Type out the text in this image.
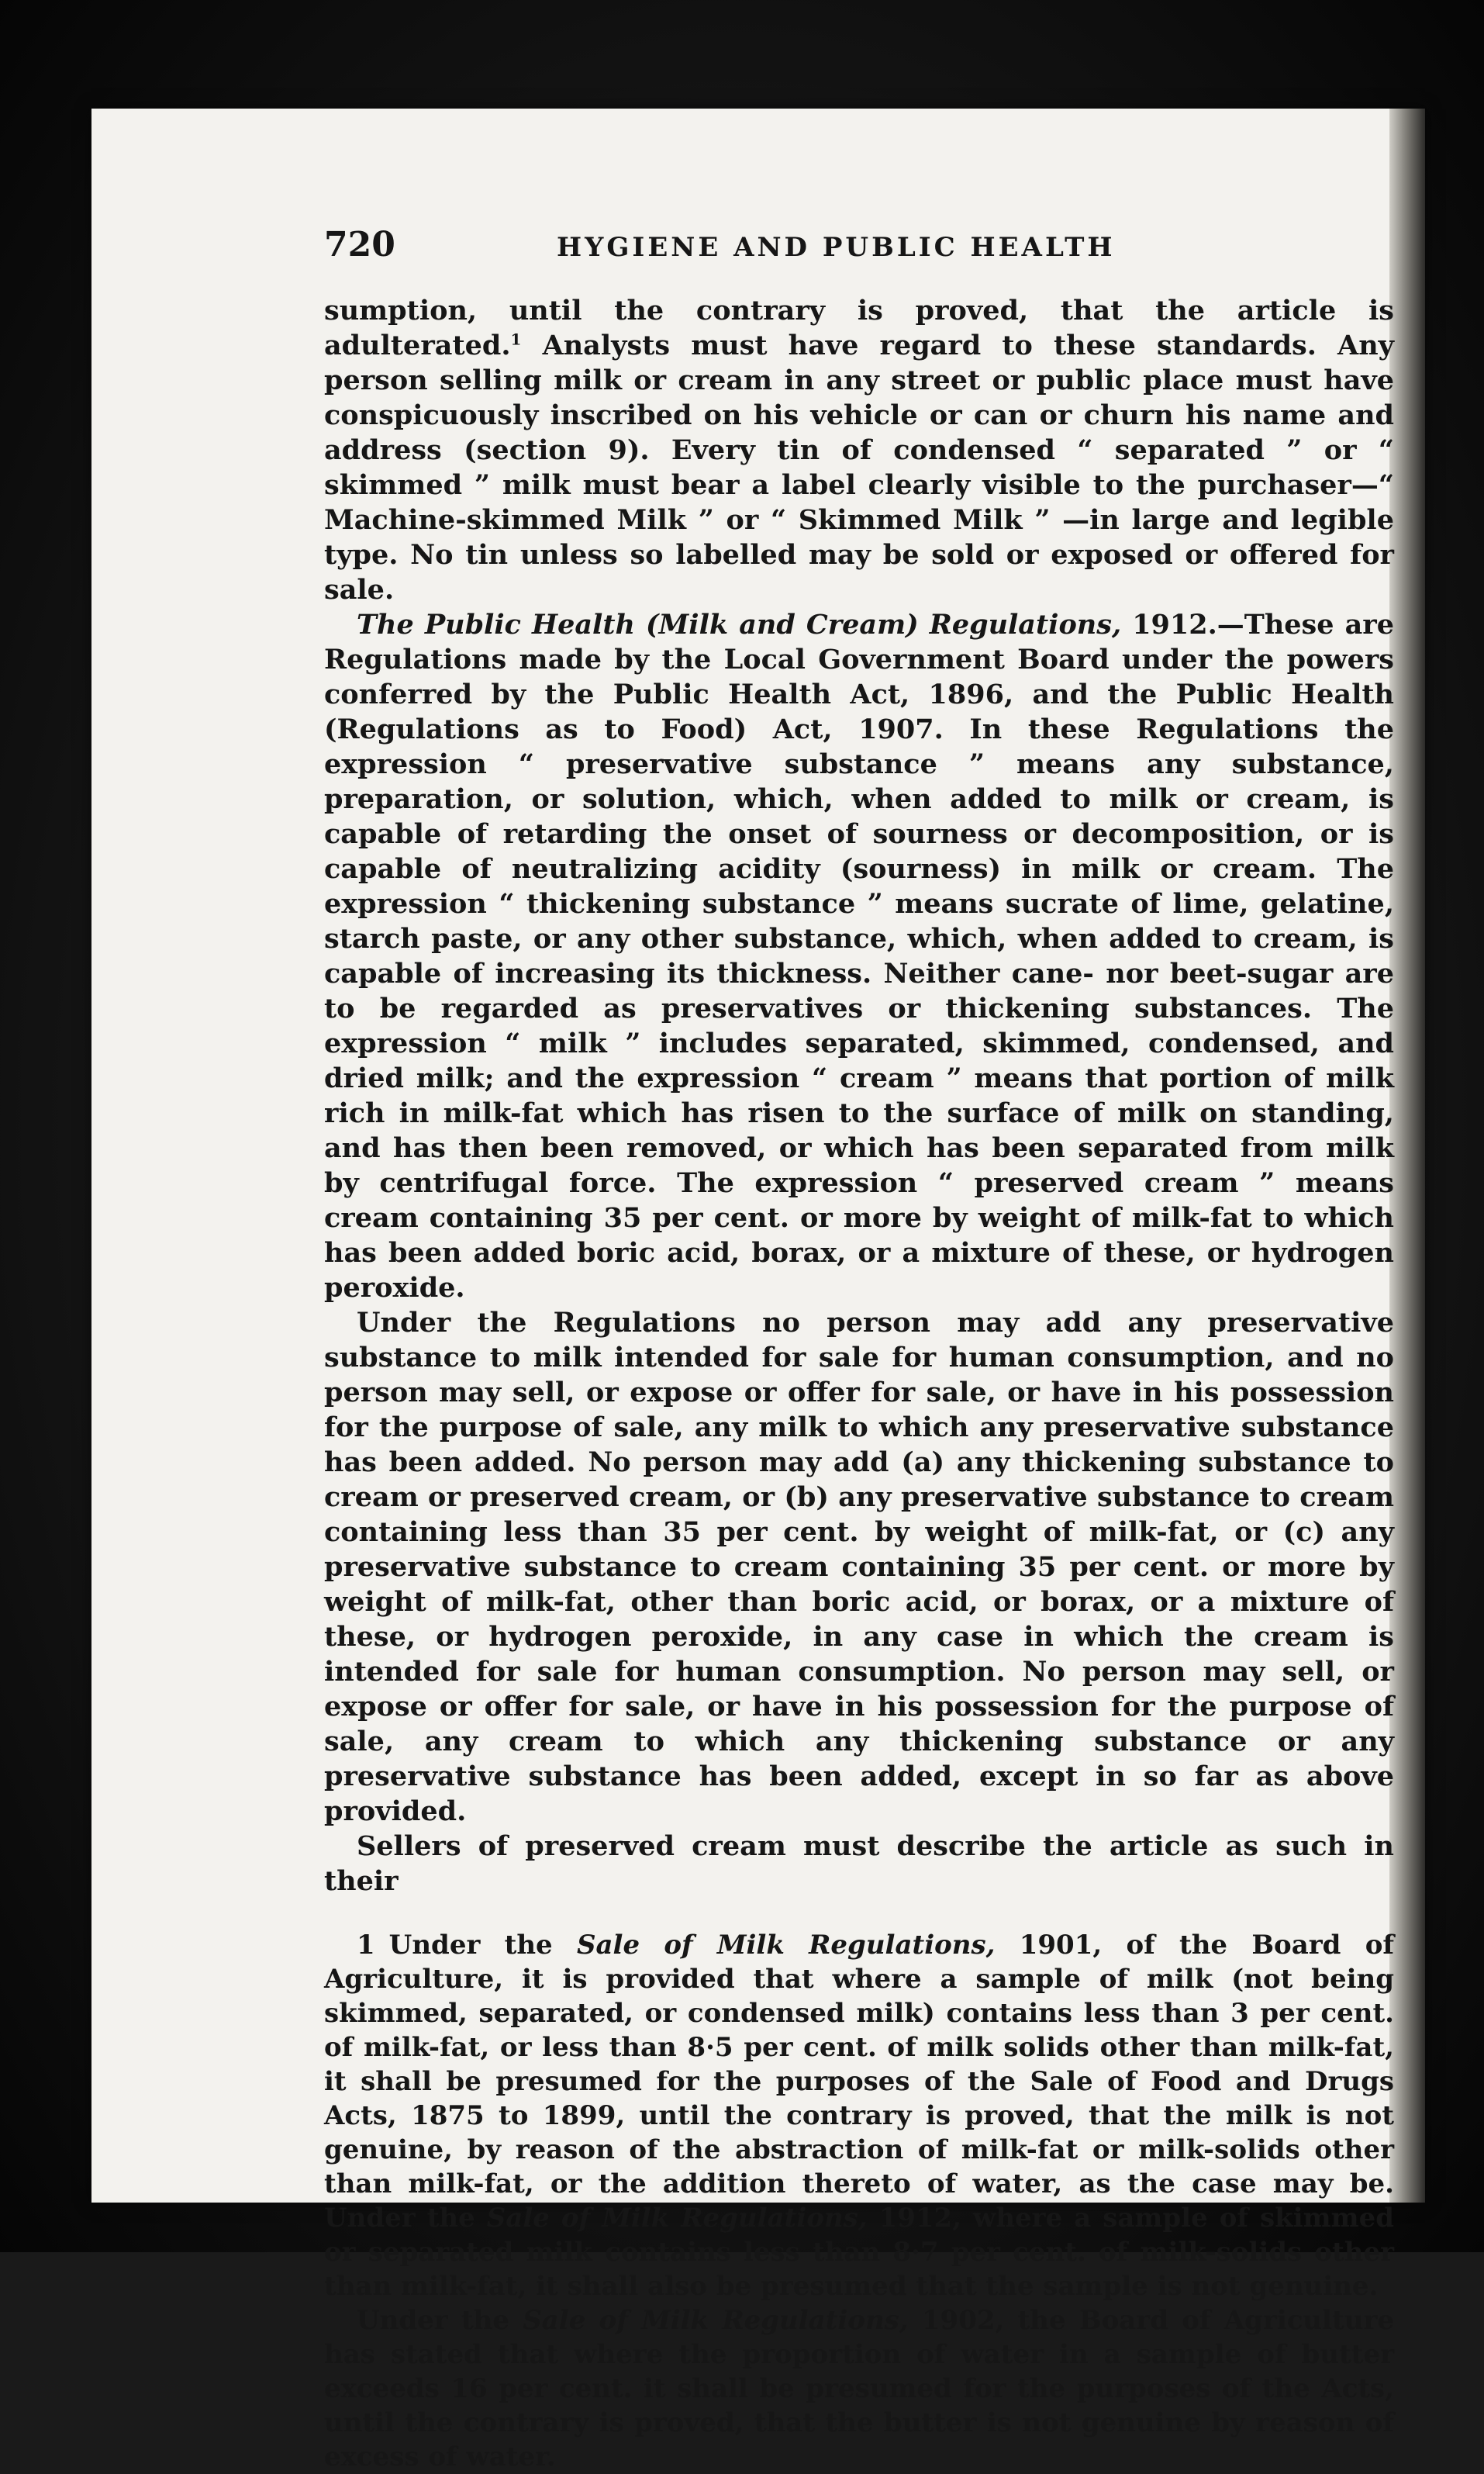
720	HYGIENE AND PUBLIC HEALTH

sumption, until the contrary is proved, that the article is adulterated.$^1$ Analysts must have regard to these standards. Any person selling milk or cream in any street or public place must have conspicuously inscribed on his vehicle or can or churn his name and address (section 9). Every tin of condensed “ separated ” or “ skimmed ” milk must bear a label clearly visible to the purchaser—“ Machine-skimmed Milk ” or “ Skimmed Milk ” —in large and legible type. No tin unless so labelled may be sold or exposed or offered for sale.

The Public Health (Milk and Cream) Regulations, 1912.—These are Regulations made by the Local Government Board under the powers conferred by the Public Health Act, 1896, and the Public Health (Regulations as to Food) Act, 1907. In these Regulations the expression “ preservative substance ” means any substance, preparation, or solution, which, when added to milk or cream, is capable of retarding the onset of sourness or decomposition, or is capable of neutralizing acidity (sourness) in milk or cream. The expression “ thickening substance ” means sucrate of lime, gelatine, starch paste, or any other substance, which, when added to cream, is capable of increasing its thickness. Neither cane- nor beet-sugar are to be regarded as preservatives or thickening substances. The expression “ milk ” includes separated, skimmed, condensed, and dried milk; and the expression “ cream ” means that portion of milk rich in milk-fat which has risen to the surface of milk on standing, and has then been removed, or which has been separated from milk by centrifugal force. The expression “ preserved cream ” means cream containing 35 per cent. or more by weight of milk-fat to which has been added boric acid, borax, or a mixture of these, or hydrogen peroxide.

Under the Regulations no person may add any preservative substance to milk intended for sale for human consumption, and no person may sell, or expose or offer for sale, or have in his possession for the purpose of sale, any milk to which any preservative substance has been added. No person may add (a) any thickening substance to cream or preserved cream, or (b) any preservative substance to cream containing less than 35 per cent. by weight of milk-fat, or (c) any preservative substance to cream containing 35 per cent. or more by weight of milk-fat, other than boric acid, or borax, or a mixture of these, or hydrogen peroxide, in any case in which the cream is intended for sale for human consumption. No person may sell, or expose or offer for sale, or have in his possession for the purpose of sale, any cream to which any thickening substance or any preservative substance has been added, except in so far as above provided.

Sellers of preserved cream must describe the article as such in their

1 Under the Sale of Milk Regulations, 1901, of the Board of Agriculture, it is provided that where a sample of milk (not being skimmed, separated, or condensed milk) contains less than 3 per cent. of milk-fat, or less than 8·5 per cent. of milk solids other than milk-fat, it shall be presumed for the purposes of the Sale of Food and Drugs Acts, 1875 to 1899, until the contrary is proved, that the milk is not genuine, by reason of the abstraction of milk-fat or milk-solids other than milk-fat, or the addition thereto of water, as the case may be. Under the Sale of Milk Regulations, 1912, where a sample of skimmed or separated milk contains less than 8·7 per cent. of milk-solids other than milk-fat, it shall also be presumed that the sample is not genuine.

Under the Sale of Milk Regulations, 1902, the Board of Agriculture has stated that where the proportion of water in a sample of butter exceeds 16 per cent. it shall be presumed for the purposes of the Acts, until the contrary is proved, that the butter is not genuine by reason of excess of water.
